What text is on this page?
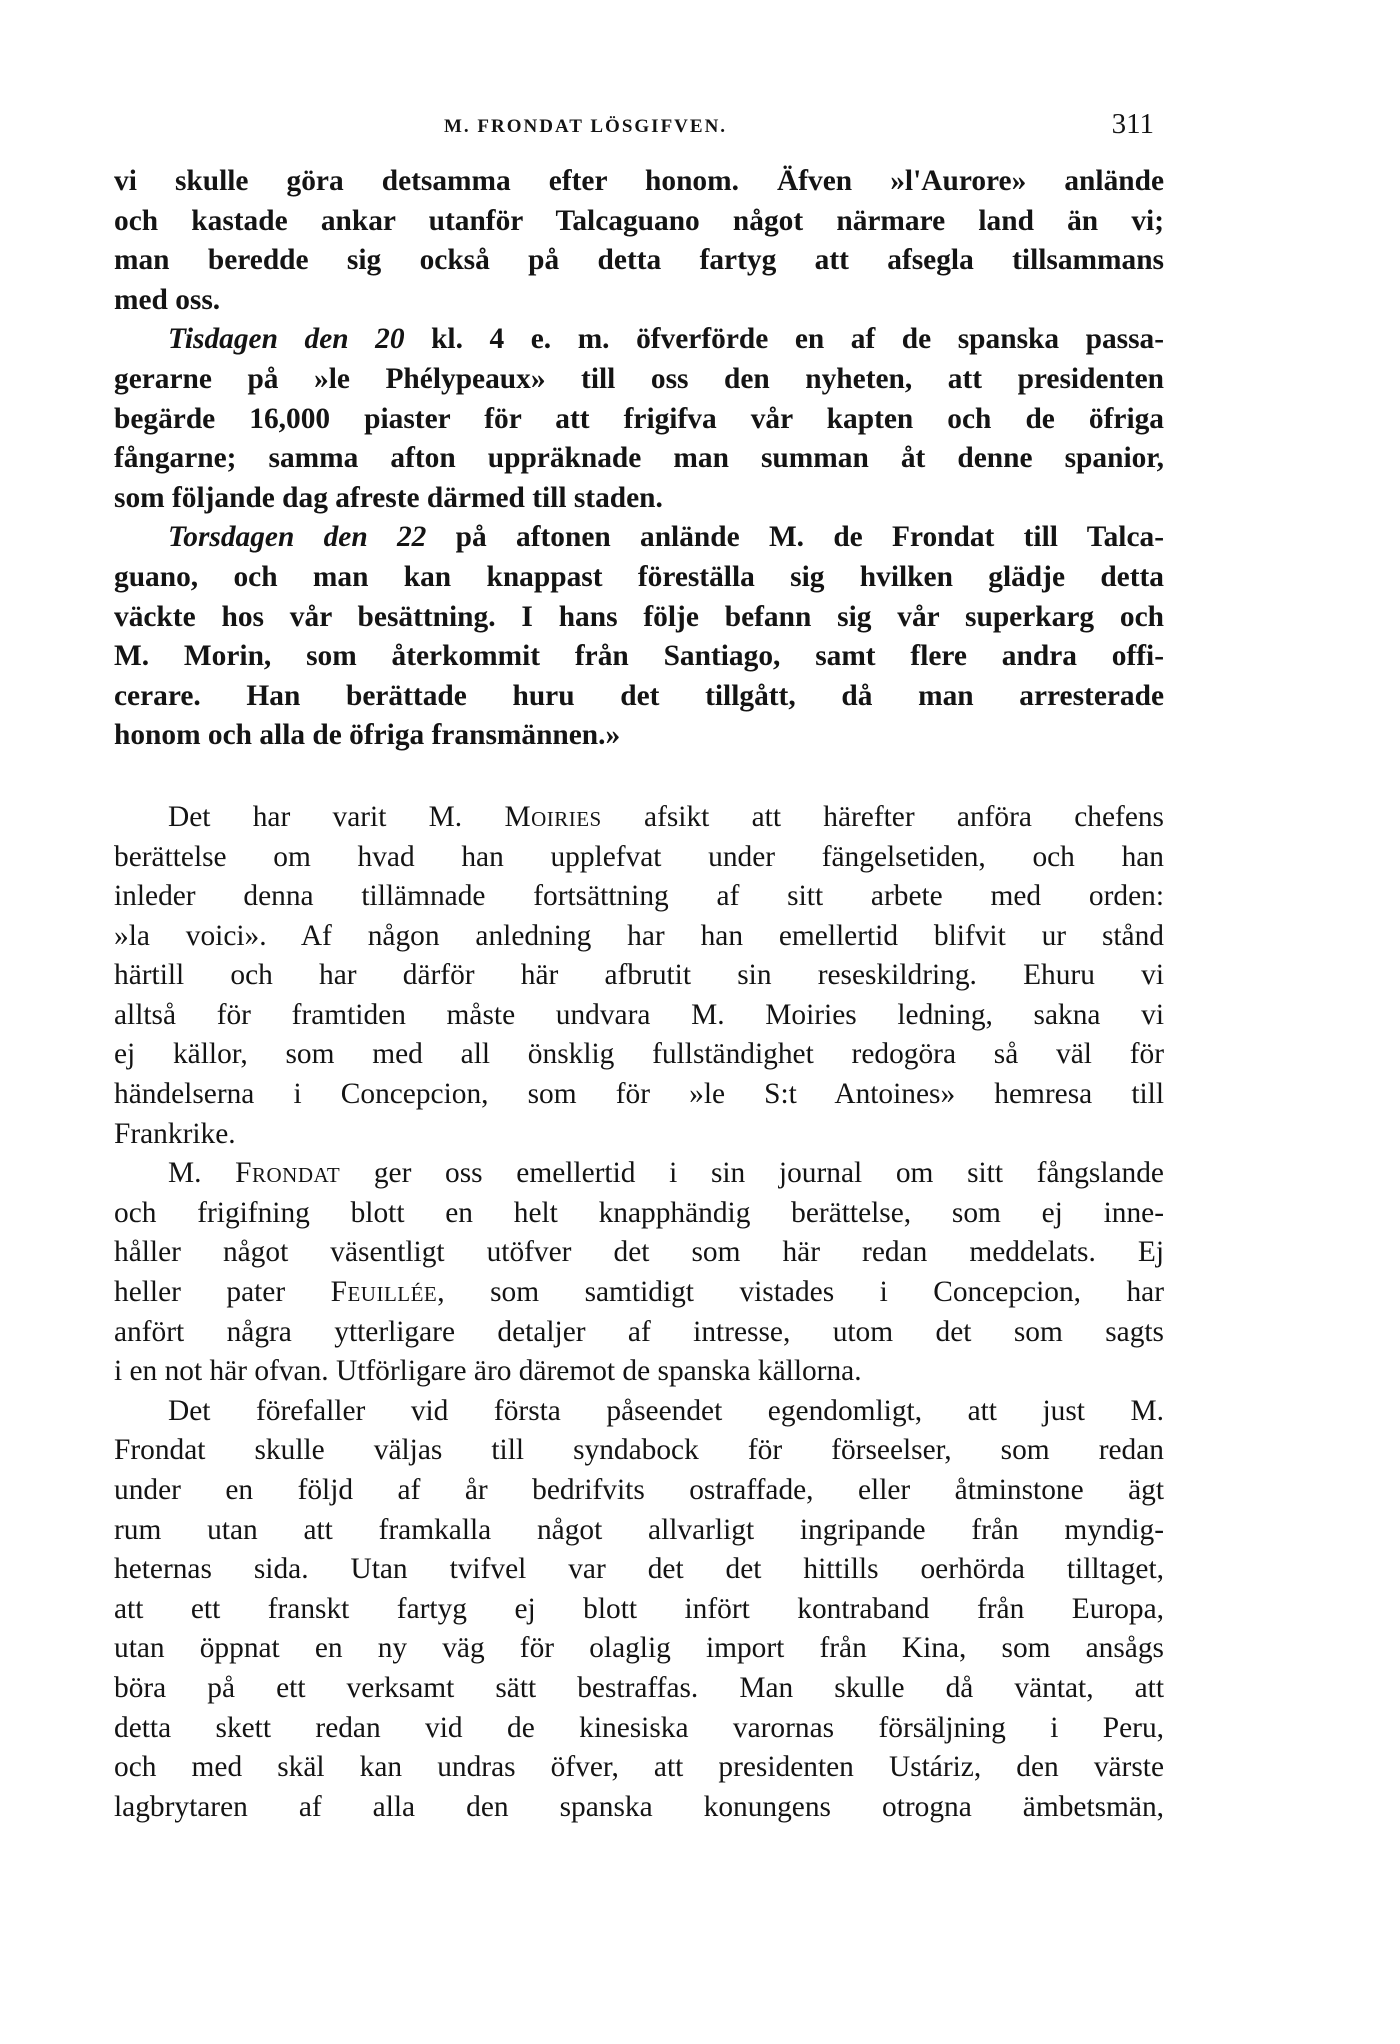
M. FRONDAT LÖSGIFVEN.	311

vi skulle göra detsamma efter honom. Äfven »l'Aurore» anlände
och kastade ankar utanför Talcaguano något närmare land än vi;
man beredde sig också på detta fartyg att afsegla tillsammans
med oss.

Tisdagen den 20 kl. 4 e. m. öfverförde en af de spanska passa-
gerarne på »le Phélypeaux» till oss den nyheten, att presidenten
begärde 16,000 piaster för att frigifva vår kapten och de öfriga
fångarne; samma afton uppräknade man summan åt denne spanior,
som följande dag afreste därmed till staden.

Torsdagen den 22 på aftonen anlände M. de Frondat till Talca-
guano, och man kan knappast föreställa sig hvilken glädje detta
väckte hos vår besättning. I hans följe befann sig vår superkarg och
M. Morin, som återkommit från Santiago, samt flere andra offi-
cerare. Han berättade huru det tillgått, då man arresterade
honom och alla de öfriga fransmännen.»

Det har varit M. Moiries afsikt att härefter anföra chefens
berättelse om hvad han upplefvat under fängelsetiden, och han
inleder denna tillämnade fortsättning af sitt arbete med orden:
»la voici». Af någon anledning har han emellertid blifvit ur stånd
härtill och har därför här afbrutit sin reseskildring. Ehuru vi
alltså för framtiden måste undvara M. Moiries ledning, sakna vi
ej källor, som med all önsklig fullständighet redogöra så väl för
händelserna i Concepcion, som för »le S:t Antoines» hemresa till
Frankrike.

M. Frondat ger oss emellertid i sin journal om sitt fångslande
och frigifning blott en helt knapphändig berättelse, som ej inne-
håller något väsentligt utöfver det som här redan meddelats. Ej
heller pater Feuillée, som samtidigt vistades i Concepcion, har
anfört några ytterligare detaljer af intresse, utom det som sagts
i en not här ofvan. Utförligare äro däremot de spanska källorna.

Det förefaller vid första påseendet egendomligt, att just M.
Frondat skulle väljas till syndabock för förseelser, som redan
under en följd af år bedrifvits ostraffade, eller åtminstone ägt
rum utan att framkalla något allvarligt ingripande från myndig-
heternas sida. Utan tvifvel var det det hittills oerhörda tilltaget,
att ett franskt fartyg ej blott infört kontraband från Europa,
utan öppnat en ny väg för olaglig import från Kina, som ansågs
böra på ett verksamt sätt bestraffas. Man skulle då väntat, att
detta skett redan vid de kinesiska varornas försäljning i Peru,
och med skäl kan undras öfver, att presidenten Ustáriz, den värste
lagbrytaren af alla den spanska konungens otrogna ämbetsmän,
